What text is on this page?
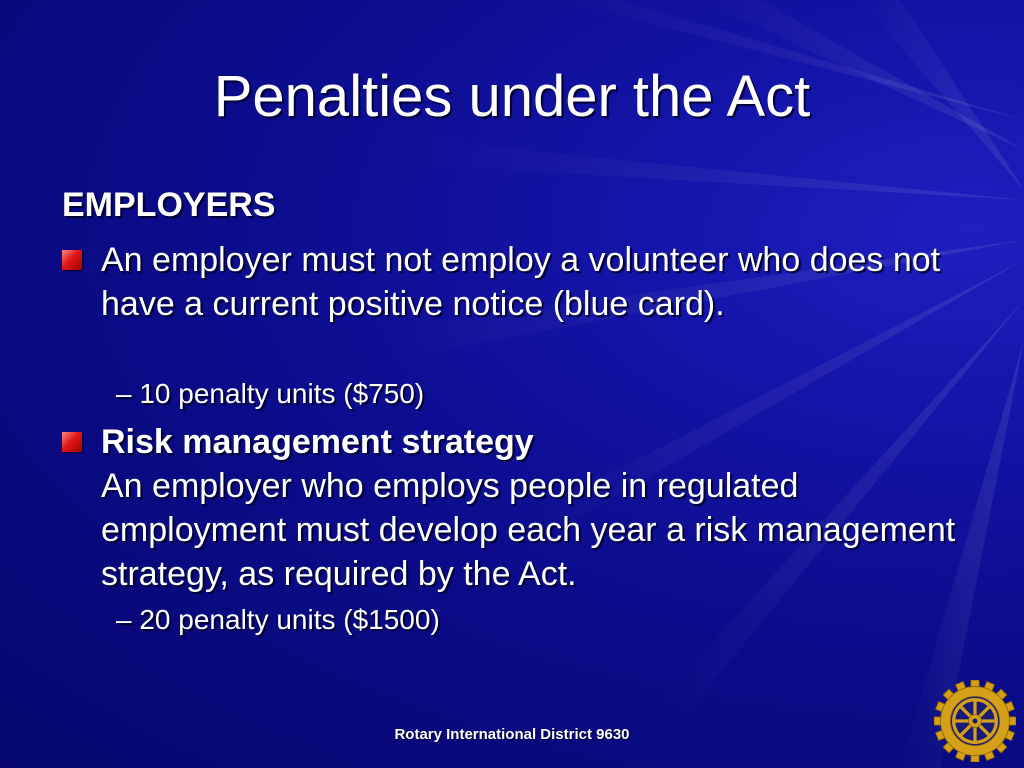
Penalties under the Act
EMPLOYERS
An employer must not employ a volunteer who does not have a current positive notice (blue card).
– 10 penalty units ($750)
Risk management strategy
An employer who employs people in regulated employment must develop each year a risk management strategy, as required by the Act.
– 20 penalty units ($1500)
Rotary International District 9630
